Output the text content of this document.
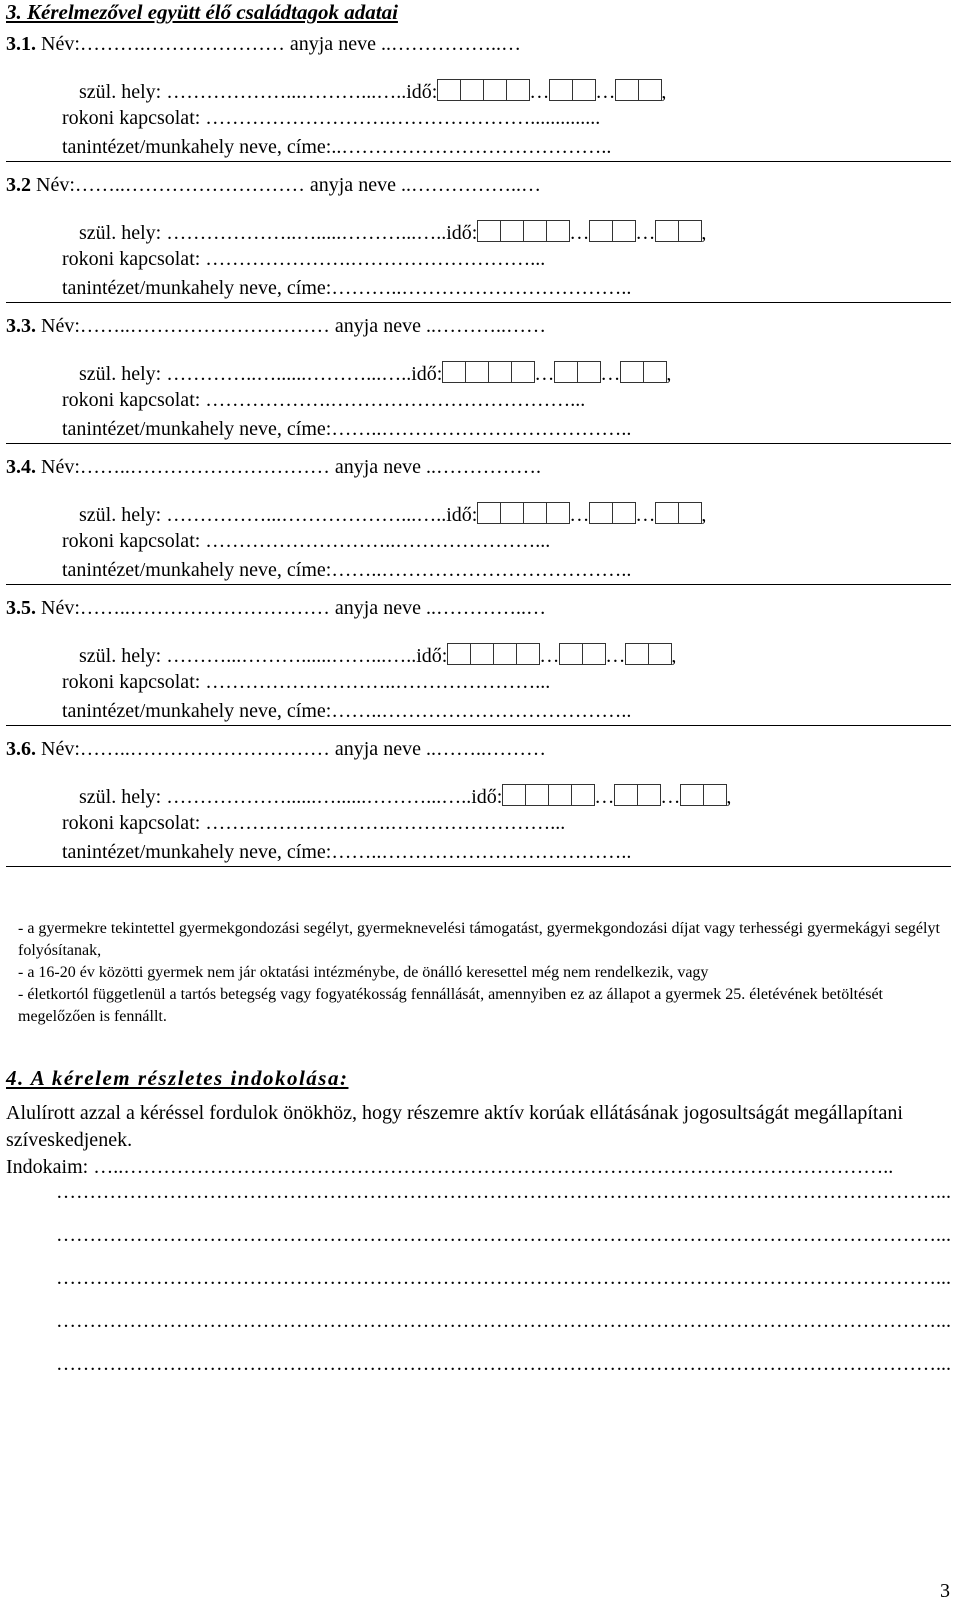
3. Kérelmezővel együtt élő családtagok adatai
3.1. Név:……….………………… anyja neve ..……………..…
szül. hely: ………………...………...…..idő:	… … ,
rokoni kapcsolat: ……………………….…………………..............
tanintézet/munkahely neve, címe:..…………………………………..
3.2 Név:……..……………………… anyja neve ..……………..…
szül. hely: ………………..….....………...…..idő:	… … ,
rokoni kapcsolat: ………………….………………………...
tanintézet/munkahely neve, címe:………..……………………………..
3.3. Név:……..………………………… anyja neve ..………..……
szül. hely: …………..…......………...…..idő:	… … ,
rokoni kapcsolat: ……………….………………………………...
tanintézet/munkahely neve, címe:……..………………………………..
3.4. Név:……..………………………… anyja neve ..…………….
szül. hely: ……………...………………...…..idő:	… … ,
rokoni kapcsolat: ………………………..…………………...
tanintézet/munkahely neve, címe:……..………………………………..
3.5. Név:……..………………………… anyja neve ..…………..…
szül. hely: ………...………......……...…..idő:	… … ,
rokoni kapcsolat: ………………………..…………………...
tanintézet/munkahely neve, címe:……..………………………………..
3.6. Név:……..………………………… anyja neve ..……..………
szül. hely: ………………......…......………...…..idő:	… … ,
rokoni kapcsolat: ……………………….……………………...
tanintézet/munkahely neve, címe:……..………………………………..

- a gyermekre tekintettel gyermekgondozási segélyt, gyermeknevelési támogatást, gyermekgondozási díjat vagy terhességi gyermekágyi segélyt folyósítanak,

- a 16-20 év közötti gyermek nem jár oktatási intézménybe, de önálló keresettel még nem rendelkezik, vagy

- életkortól függetlenül a tartós betegség vagy fogyatékosság fennállását, amennyiben ez az állapot a gyermek 25. életévének betöltését megelőzően is fennállt.

4. A kérelem részletes indokolása:

Alulírott azzal a kéréssel fordulok önökhöz, hogy részemre aktív korúak ellátásának jogosultságát megállapítani szíveskedjenek.

Indokaim: …..……………………………………………………………………………………………………..

……………………………………………………………………………………………………………………...
……………………………………………………………………………………………………………………...
……………………………………………………………………………………………………………………...
……………………………………………………………………………………………………………………...
……………………………………………………………………………………………………………………...
3
